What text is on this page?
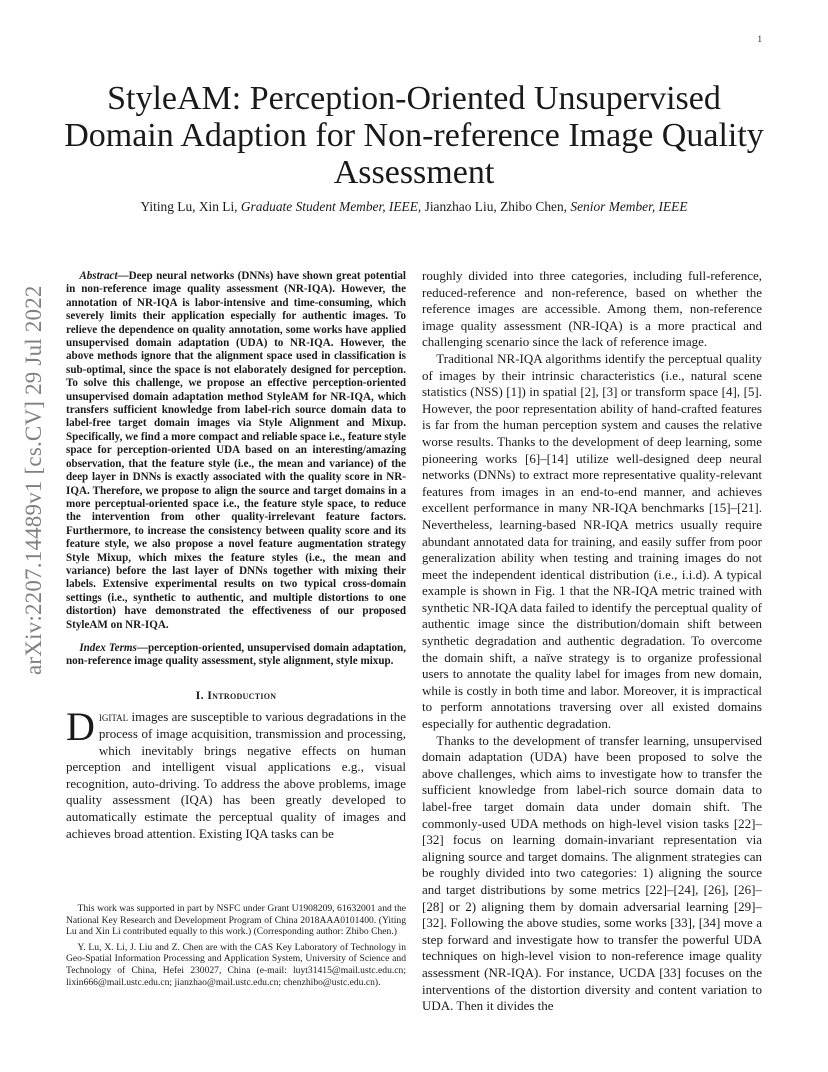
1
arXiv:2207.14489v1 [cs.CV] 29 Jul 2022
StyleAM: Perception-Oriented Unsupervised Domain Adaption for Non-reference Image Quality Assessment
Yiting Lu, Xin Li, Graduate Student Member, IEEE, Jianzhao Liu, Zhibo Chen, Senior Member, IEEE

Abstract—Deep neural networks (DNNs) have shown great potential in non-reference image quality assessment (NR-IQA). However, the annotation of NR-IQA is labor-intensive and time-consuming, which severely limits their application especially for authentic images. To relieve the dependence on quality annotation, some works have applied unsupervised domain adaptation (UDA) to NR-IQA. However, the above methods ignore that the alignment space used in classification is sub-optimal, since the space is not elaborately designed for perception. To solve this challenge, we propose an effective perception-oriented unsupervised domain adaptation method StyleAM for NR-IQA, which transfers sufficient knowledge from label-rich source domain data to label-free target domain images via Style Alignment and Mixup. Specifically, we find a more compact and reliable space i.e., feature style space for perception-oriented UDA based on an interesting/amazing observation, that the feature style (i.e., the mean and variance) of the deep layer in DNNs is exactly associated with the quality score in NR-IQA. Therefore, we propose to align the source and target domains in a more perceptual-oriented space i.e., the feature style space, to reduce the intervention from other quality-irrelevant feature factors. Furthermore, to increase the consistency between quality score and its feature style, we also propose a novel feature augmentation strategy Style Mixup, which mixes the feature styles (i.e., the mean and variance) before the last layer of DNNs together with mixing their labels. Extensive experimental results on two typical cross-domain settings (i.e., synthetic to authentic, and multiple distortions to one distortion) have demonstrated the effectiveness of our proposed StyleAM on NR-IQA.

Index Terms—perception-oriented, unsupervised domain adaptation, non-reference image quality assessment, style alignment, style mixup.

I. Introduction

Digital images are susceptible to various degradations in the process of image acquisition, transmission and processing, which inevitably brings negative effects on human perception and intelligent visual applications e.g., visual recognition, auto-driving. To address the above problems, image quality assessment (IQA) has been greatly developed to automatically estimate the perceptual quality of images and achieves broad attention. Existing IQA tasks can be

This work was supported in part by NSFC under Grant U1908209, 61632001 and the National Key Research and Development Program of China 2018AAA0101400. (Yiting Lu and Xin Li contributed equally to this work.) (Corresponding author: Zhibo Chen.)

Y. Lu, X. Li, J. Liu and Z. Chen are with the CAS Key Laboratory of Technology in Geo-Spatial Information Processing and Application System, University of Science and Technology of China, Hefei 230027, China (e-mail: luyt31415@mail.ustc.edu.cn; lixin666@mail.ustc.edu.cn; jianzhao@mail.ustc.edu.cn; chenzhibo@ustc.edu.cn).

roughly divided into three categories, including full-reference, reduced-reference and non-reference, based on whether the reference images are accessible. Among them, non-reference image quality assessment (NR-IQA) is a more practical and challenging scenario since the lack of reference image.

Traditional NR-IQA algorithms identify the perceptual quality of images by their intrinsic characteristics (i.e., natural scene statistics (NSS) [1]) in spatial [2], [3] or transform space [4], [5]. However, the poor representation ability of hand-crafted features is far from the human perception system and causes the relative worse results. Thanks to the development of deep learning, some pioneering works [6]–[14] utilize well-designed deep neural networks (DNNs) to extract more representative quality-relevant features from images in an end-to-end manner, and achieves excellent performance in many NR-IQA benchmarks [15]–[21]. Nevertheless, learning-based NR-IQA metrics usually require abundant annotated data for training, and easily suffer from poor generalization ability when testing and training images do not meet the independent identical distribution (i.e., i.i.d). A typical example is shown in Fig. 1 that the NR-IQA metric trained with synthetic NR-IQA data failed to identify the perceptual quality of authentic image since the distribution/domain shift between synthetic degradation and authentic degradation. To overcome the domain shift, a naïve strategy is to organize professional users to annotate the quality label for images from new domain, while is costly in both time and labor. Moreover, it is impractical to perform annotations traversing over all existed domains especially for authentic degradation.

Thanks to the development of transfer learning, unsupervised domain adaptation (UDA) have been proposed to solve the above challenges, which aims to investigate how to transfer the sufficient knowledge from label-rich source domain data to label-free target domain data under domain shift. The commonly-used UDA methods on high-level vision tasks [22]–[32] focus on learning domain-invariant representation via aligning source and target domains. The alignment strategies can be roughly divided into two categories: 1) aligning the source and target distributions by some metrics [22]–[24], [26], [26]–[28] or 2) aligning them by domain adversarial learning [29]–[32]. Following the above studies, some works [33], [34] move a step forward and investigate how to transfer the powerful UDA techniques on high-level vision to non-reference image quality assessment (NR-IQA). For instance, UCDA [33] focuses on the interventions of the distortion diversity and content variation to UDA. Then it divides the
